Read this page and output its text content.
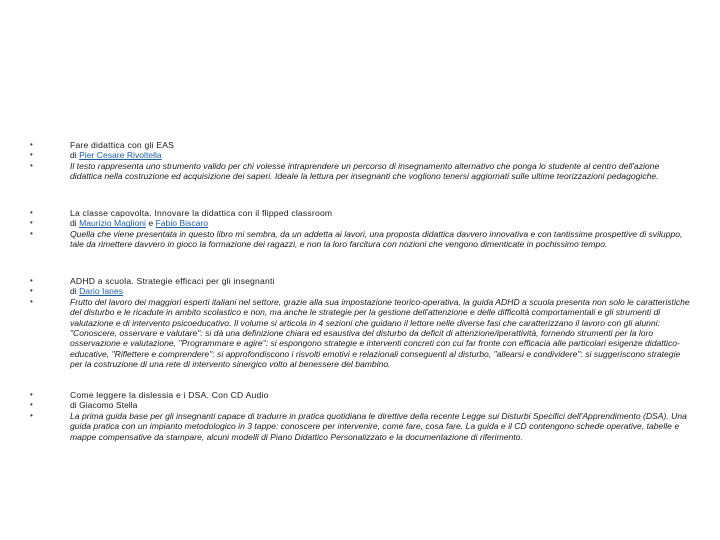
•	Fare didattica con gli EAS
•	di Pier Cesare Rivoltella
•	Il testo rappresenta uno strumento valido per chi volesse intraprendere un percorso di insegnamento alternativo che ponga lo studente al centro dell'azione didattica nella costruzione ed acquisizione dei saperi. Ideale la lettura per insegnanti che vogliono tenersi aggiornati sulle ultime teorizzazioni pedagogiche.
•	La classe capovolta. Innovare la didattica con il flipped classroom
•	di Maurizio Maglioni e Fabio Biscaro
•	Quella che viene presentata in questo libro mi sembra, da un addetta ai lavori, una proposta didattica davvero innovativa e con tantissime prospettive di sviluppo, tale da rimettere davvero in gioco la formazione dei ragazzi, e non la loro farcitura con nozioni che vengono dimenticate in pochissimo tempo.
•	ADHD a scuola. Strategie efficaci per gli insegnanti
•	di Dario Ianes
•	Frutto del lavoro dei maggiori esperti italiani nel settore, grazie alla sua impostazione teorico-operativa, la guida ADHD a scuola presenta non solo le caratteristiche del disturbo e le ricadute in ambito scolastico e non, ma anche le strategie per la gestione dell'attenzione e delle difficoltà comportamentali e gli strumenti di valutazione e di intervento psicoeducativo. Il volume si articola in 4 sezioni che guidano il lettore nelle diverse fasi che caratterizzano il lavoro con gli alunni: "Conoscere, osservare e valutare": si dà una definizione chiara ed esaustiva del disturbo da deficit di attenzione/iperattività, fornendo strumenti per la loro osservazione e valutazione, "Programmare e agire": si espongono strategie e interventi concreti con cui far fronte con efficacia alle particolari esigenze didattico-educative, "Riflettere e comprendere": si approfondiscono i risvolti emotivi e relazionali conseguenti al disturbo, "allearsi e condividere": si suggeriscono strategie per la costruzione di una rete di intervento sinergico volto al benessere del bambino.
•	Come leggere la dislessia e i DSA. Con CD Audio
•	di Giacomo Stella
•	La prima guida base per gli insegnanti capace di tradurre in pratica quotidiana le direttive della recente Legge sui Disturbi Specifici dell'Apprendimento (DSA). Una guida pratica con un impianto metodologico in 3 tappe: conoscere per intervenire, come fare, cosa fare. La guida e il CD contengono schede operative, tabelle e mappe compensative da stampare, alcuni modelli di Piano Didattico Personalizzato e la documentazione di riferimento.
